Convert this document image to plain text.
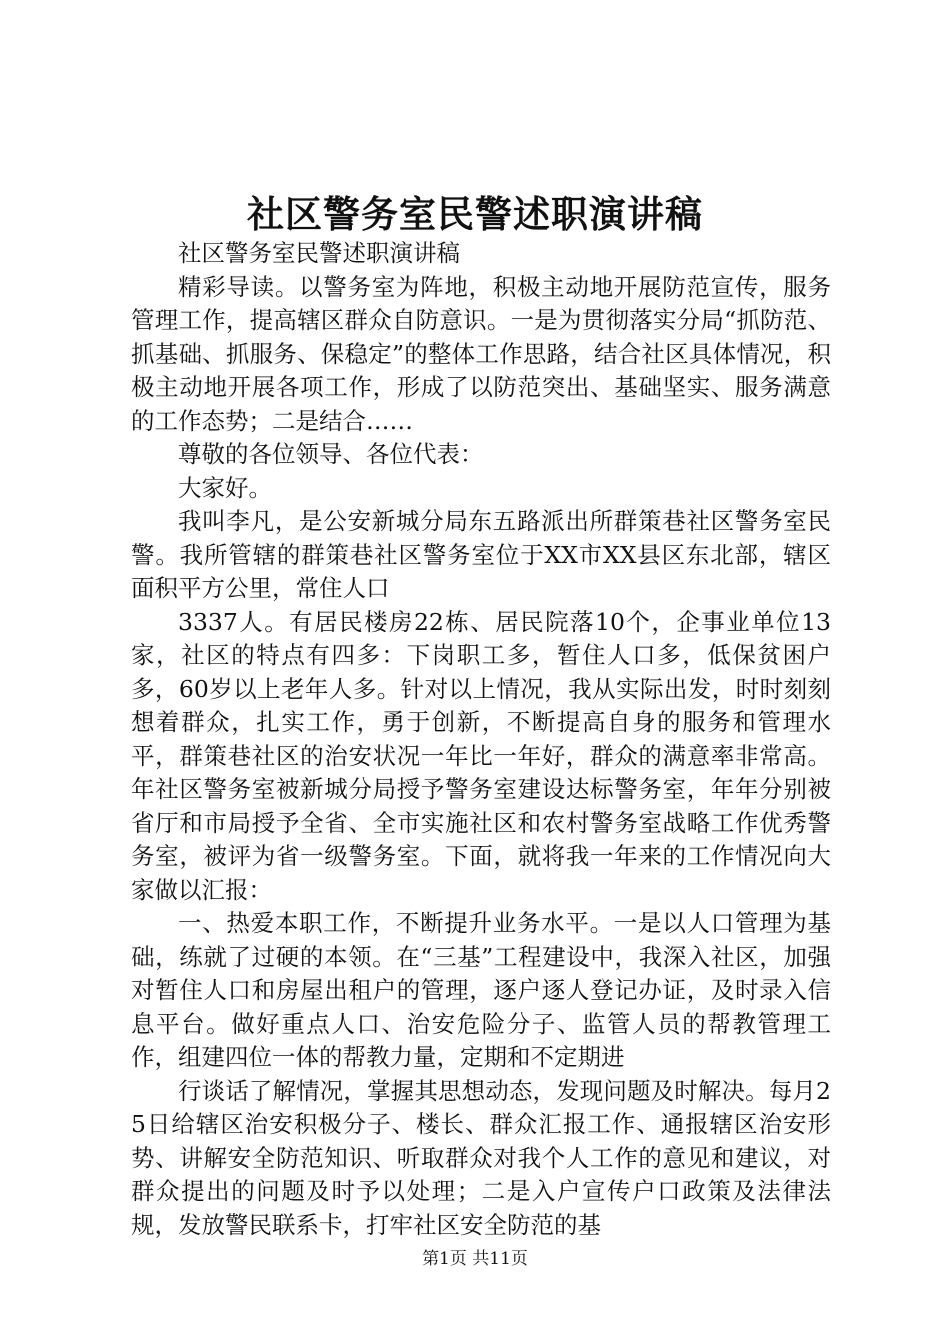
社区警务室民警述职演讲稿

社区警务室民警述职演讲稿

精彩导读。以警务室为阵地，积极主动地开展防范宣传，服务管理工作，提高辖区群众自防意识。一是为贯彻落实分局“抓防范、抓基础、抓服务、保稳定”的整体工作思路，结合社区具体情况，积极主动地开展各项工作，形成了以防范突出、基础坚实、服务满意的工作态势；二是结合……

尊敬的各位领导、各位代表：

大家好。

我叫李凡，是公安新城分局东五路派出所群策巷社区警务室民警。我所管辖的群策巷社区警务室位于XX市XX县区东北部，辖区面积平方公里，常住人口

3337人。有居民楼房22栋、居民院落10个，企事业单位13家，社区的特点有四多：下岗职工多，暂住人口多，低保贫困户多，60岁以上老年人多。针对以上情况，我从实际出发，时时刻刻想着群众，扎实工作，勇于创新，不断提高自身的服务和管理水平，群策巷社区的治安状况一年比一年好，群众的满意率非常高。年社区警务室被新城分局授予警务室建设达标警务室，年年分别被省厅和市局授予全省、全市实施社区和农村警务室战略工作优秀警务室，被评为省一级警务室。下面，就将我一年来的工作情况向大家做以汇报：

一、热爱本职工作，不断提升业务水平。一是以人口管理为基础，练就了过硬的本领。在“三基”工程建设中，我深入社区，加强对暂住人口和房屋出租户的管理，逐户逐人登记办证，及时录入信息平台。做好重点人口、治安危险分子、监管人员的帮教管理工作，组建四位一体的帮教力量，定期和不定期进

行谈话了解情况，掌握其思想动态，发现问题及时解决。每月25日给辖区治安积极分子、楼长、群众汇报工作、通报辖区治安形势、讲解安全防范知识、听取群众对我个人工作的意见和建议，对群众提出的问题及时予以处理；二是入户宣传户口政策及法律法规，发放警民联系卡，打牢社区安全防范的基

第1页 共11页
